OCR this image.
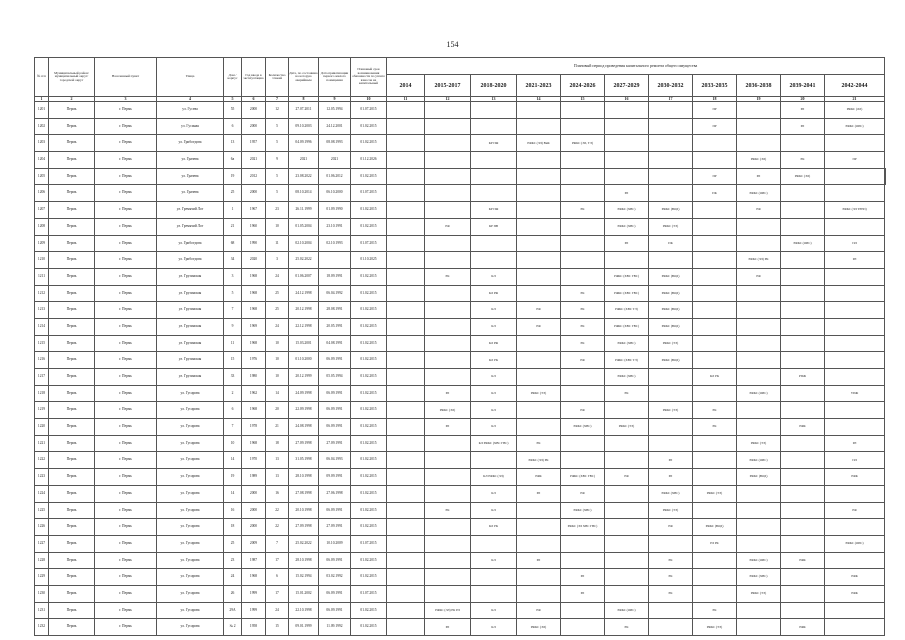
154
№ п/п	Муниципальный район/муниципальный округ/городской округ	Населенный пункт	Улица	Дом / корпус	Год ввода в эксплуатацию	Количество этажей	Дата, по состоянию на которую аварийным	Дата приватизации первого жилого помещения	Плановый срок возникновения обязанности по уплате взносов на капитальный	Плановый период проведения капитального ремонта общего имущества											
										2014	2015-2017	2018-2020	2021-2023	2024-2026	2027-2029	2030-2032	2033-2035	2036-2038	2039-2041	2042-2044	
1	2	3	4	5	6	7	8	9	10	11	12	13	14	15	16	17	18	19	20	21	
1201	Пермь	г. Пермь	ул. Гусева	55	2000	12	27.07.2011	12.05.1994	01.07.2015								ПР		РЛ	РФКС (ЛЛ)	
1202	Пермь	г. Пермь	ул. Гусиная	6	2000	5	09.10.2003	24.12.2001	01.02.2015								ПР		РЛ	РФКС (ОИС)	
1203	Пермь	г. Пермь	ул. Грибоедова	13	1957	5	04.09.1996	08.08.1993	01.02.2015			КР ПФ	РФКС (ЭЛ) ВиК	РФКС (ЭЛ, ТЭ)							
1204	Пермь	г. Пермь	ул. Грачева	6а	2021	9	2021	2021	01.12.2026									РФКС (ЭЛ)	РК	ПР	
1205	Пермь	г. Пермь	ул. Грачева	19	2012	5	23.08.2022	01.06.2012	01.02.2015								ПР	РЛ	РФКС (ЭЛ)		
1206	Пермь	г. Пермь	ул. Грачева	25	2000	5	08.10.2014	06.10.2000	01.07.2015						РЛ		ПК	РФКС (ОИС)			
1207	Пермь	г. Пермь	ул. Гремячий Лог	1	1967	23	26.11.1999	01.09.1990	01.02.2015			КР ПФ		РК	РФКС (ХВС)	РФКС (ВОД)		РФ		РФКС (ЭЛ ТРЕП)	
1208	Пермь	г. Пермь	ул. Гремячий Лог	21	1960	10	01.05.2004	23.10.1991	01.02.2015		РФ	КР ПВ			РФКС (ХВС)	РФКС (ТЭ)					
1209	Пермь	г. Пермь	ул. Грибоедова	68	1990	11	02.10.2004	02.10.1993	01.07.2015						РЛ	ПК			РФКС (ОИС)	ПЛ	
1210	Пермь	г. Пермь	ул. Грибоедова	34	2020	3	25.02.2022		01.10.2025									РФКС (ЭЛ) РК		РЛ	
1211	Пермь	г. Пермь	ул. Грузинская	3	1968	24	01.06.2007	18.09.1991	01.02.2015		РК	КЛ			РФКС (ХВС ГВС)	РФКС (ВОД)		РФ			
1212	Пермь	г. Пермь	ул. Грузинская	5	1968	25	24.12.1998	06.04.1992	01.02.2015			КЛ РФ		РК	РФКС (ХВС ГВС)	РФКС (ВОД)					
1213	Пермь	г. Пермь	ул. Грузинская	7	1968	25	20.12.1998	28.08.1991	01.02.2015			КЛ	РФ	РК	РФКС (ХВС ТЭ)	РФКС (ВОД)					
1214	Пермь	г. Пермь	ул. Грузинская	9	1969	24	22.12.1998	20.05.1991	01.02.2015			КЛ	РФ	РК	РФКС (ХВС ГВС)	РФКС (ВОД)					
1215	Пермь	г. Пермь	ул. Грузинская	11	1968	10	15.03.2001	04.08.1991	01.02.2015			КЛ РФ		РК	РФКС (ХВС)	РФКС (ТЭ)					
1216	Пермь	г. Пермь	ул. Грузинская	15	1976	10	01.10.2000	06.09.1991	01.02.2015			КЛ РК		РФ	РФКС (ХВС ТЭ)	РФКС (ВОД)					
1217	Пермь	г. Пермь	ул. Грузинская	33	1980	10	20.12.1999	05.05.1994	01.02.2015			КЛ			РФКС (ХВС)		КЛ РК		РПЖ		
1218	Пермь	г. Пермь	ул. Гусарова	2	1962	14	24.09.1998	06.09.1991	01.02.2015		РЛ	КЛ	РФКС (ТЭ)		РК			РФКС (ОИС)		УПЖ	
1219	Пермь	г. Пермь	ул. Гусарова	6	1968	20	22.09.1998	06.09.1991	01.02.2015		РФКС (ЭЛ)	КЛ		РФ		РФКС (ТЭ)	РК				
1220	Пермь	г. Пермь	ул. Гусарова	7	1978	21	24.08.1998	06.09.1991	01.02.2015		РЛ	КЛ		РФКС (ХВС)	РФКС (ТЭ)		РК		РФК		
1221	Пермь	г. Пермь	ул. Гусарова	10	1968	18	27.09.1998	27.09.1991	01.02.2015			КЛ РФКС (ХВС ГВС)	РК					РФКС (ТЭ)		РЛ	
1222	Пермь	г. Пермь	ул. Гусарова	14	1970	13	31.05.1998	06.04.1993	01.02.2015				РФКС (ЭЛ) РК			РЛ		РФКС (ОИС)		ПЛ	
1223	Пермь	г. Пермь	ул. Гусарова	19	1989	13	28.10.1998	09.09.1991	01.02.2015			КЛ РФКС (ЭЛ)	РФК	РФКС (ХВС ГВС)	РФ	РЛ		РФКС (ВОД)		РФК	
1224	Пермь	г. Пермь	ул. Гусарова	14	2000	16	27.08.1998	27.06.1998	01.02.2015			КЛ	РЛ	РФ		РФКС (ХВС)	РФКС (ТЭ)				
1225	Пермь	г. Пермь	ул. Гусарова	16	2000	22	20.10.1998	06.09.1991	01.02.2015		РК	КЛ		РФКС (ХВС)		РФКС (ТЭ)				РФ	
1226	Пермь	г. Пермь	ул. Гусарова	18	2000	22	27.09.1998	27.09.1991	01.02.2015			КЛ РК		РФКС (ЭЛ ХВС ГВС)		РФ	РФКС (ВОД)				
1227	Пермь	г. Пермь	ул. Гусарова	25	2009	7	25.02.2022	10.10.2009	01.07.2015								РЛ РК			РФКС (ОИС)	
1228	Пермь	г. Пермь	ул. Гусарова	23	1987	17	28.10.1998	06.09.1991	01.02.2015			КЛ	РЛ			РК		РФКС (ОИС)	РФК		
1229	Пермь	г. Пермь	ул. Гусарова	24	1968	6	15.02.1994	03.02.1992	01.02.2015					РЛ		РК		РФКС (ХВС)		РФК	
1230	Пермь	г. Пермь	ул. Гусарова	26	1999	17	15.01.2002	06.09.1991	01.07.2015					РЛ		РК		РФКС (ТЭ)		РФК	
1231	Пермь	г. Пермь	ул. Гусарова	29А	1999	24	22.10.1998	06.09.1991	01.02.2015		РФКС (ЭЛ) РК РЛ	КЛ	РФ		РФКС (ОИС)		РК				
1232	Пермь	г. Пермь	ул. Гусарова	№ 2	1958	15	09.01.1999	11.09.1992	01.02.2015		РЛ	КЛ	РФКС (ЭЛ)		РК		РФКС (ТЭ)		РФК		
